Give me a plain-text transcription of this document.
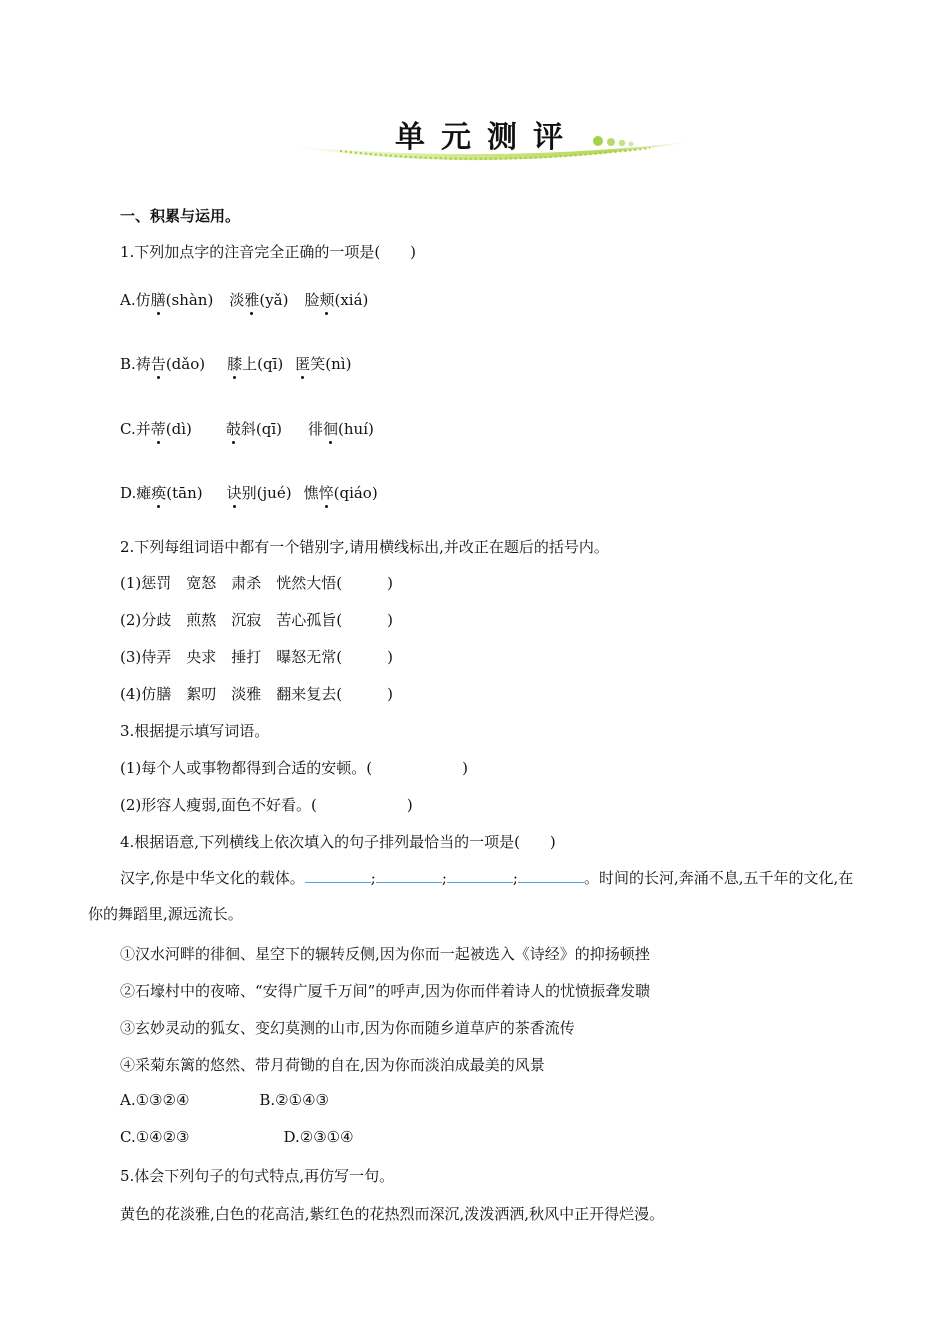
单元测评
一、积累与运用。
1.下列加点字的注音完全正确的一项是(　　)
A.仿膳(shàn) 淡雅(yǎ) 脸颊(xiá)
B.祷告(dǎo) 膝上(qī) 匿笑(nì)
C.并蒂(dì) 攲斜(qī) 徘徊(huí)
D.瘫痪(tān) 诀别(jué) 憔悴(qiáo)
2.下列每组词语中都有一个错别字,请用横线标出,并改正在题后的括号内。
(1)惩罚　宽怒　肃杀　恍然大悟(　　　)
(2)分歧　煎熬　沉寂　苦心孤旨(　　　)
(3)侍弄　央求　捶打　曝怒无常(　　　)
(4)仿膳　絮叨　淡雅　翻来复去(　　　)
3.根据提示填写词语。
(1)每个人或事物都得到合适的安顿。(　　　　　　)
(2)形容人瘦弱,面色不好看。(　　　　　　)
4.根据语意,下列横线上依次填入的句子排列最恰当的一项是(　　)
汉字,你是中华文化的载体。	;	;	;	。时间的长河,奔涌不息,五千年的文化,在你的舞蹈里,源远流长。
①汉水河畔的徘徊、星空下的辗转反侧,因为你而一起被选入《诗经》的抑扬顿挫
②石壕村中的夜啼、“安得广厦千万间”的呼声,因为你而伴着诗人的忧愤振聋发聩
③玄妙灵动的狐女、变幻莫测的山市,因为你而随乡道草庐的茶香流传
④采菊东篱的悠然、带月荷锄的自在,因为你而淡泊成最美的风景
A.①③②④	B.②①④③
C.①④②③	D.②③①④
5.体会下列句子的句式特点,再仿写一句。
黄色的花淡雅,白色的花高洁,紫红色的花热烈而深沉,泼泼洒洒,秋风中正开得烂漫。
